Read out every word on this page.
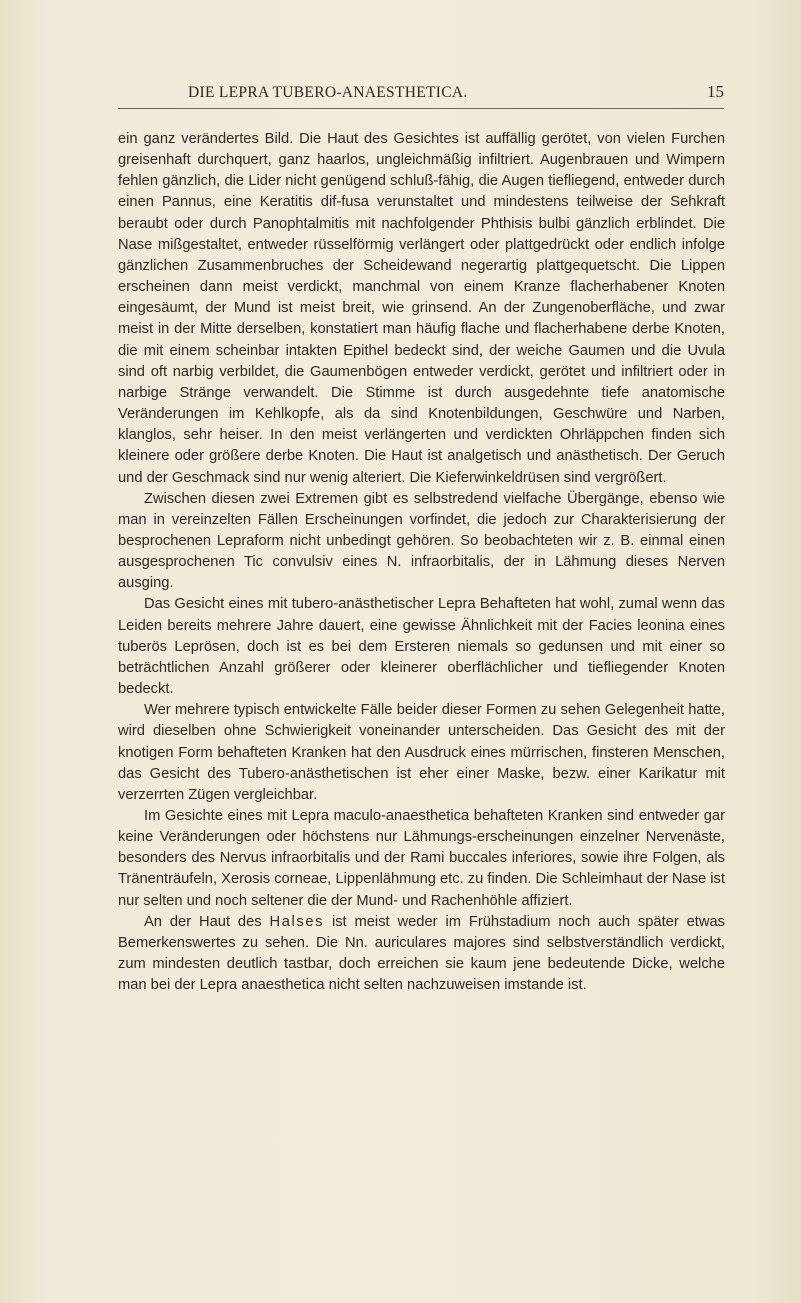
DIE LEPRA TUBERO-ANAESTHETICA.	15

ein ganz verändertes Bild. Die Haut des Gesichtes ist auffällig gerötet, von vielen Furchen greisenhaft durchquert, ganz haarlos, ungleichmäßig infiltriert. Augenbrauen und Wimpern fehlen gänzlich, die Lider nicht genügend schluß-fähig, die Augen tiefliegend, entweder durch einen Pannus, eine Keratitis dif-fusa verunstaltet und mindestens teilweise der Sehkraft beraubt oder durch Panophtalmitis mit nachfolgender Phthisis bulbi gänzlich erblindet. Die Nase mißgestaltet, entweder rüsselförmig verlängert oder plattgedrückt oder endlich infolge gänzlichen Zusammenbruches der Scheidewand negerartig plattgequetscht. Die Lippen erscheinen dann meist verdickt, manchmal von einem Kranze flacherhabener Knoten eingesäumt, der Mund ist meist breit, wie grinsend. An der Zungenoberfläche, und zwar meist in der Mitte derselben, konstatiert man häufig flache und flacherhabene derbe Knoten, die mit einem scheinbar intakten Epithel bedeckt sind, der weiche Gaumen und die Uvula sind oft narbig verbildet, die Gaumenbögen entweder verdickt, gerötet und infiltriert oder in narbige Stränge verwandelt. Die Stimme ist durch ausgedehnte tiefe anatomische Veränderungen im Kehlkopfe, als da sind Knotenbildungen, Geschwüre und Narben, klanglos, sehr heiser. In den meist verlängerten und verdickten Ohrläppchen finden sich kleinere oder größere derbe Knoten. Die Haut ist analgetisch und anästhetisch. Der Geruch und der Geschmack sind nur wenig alteriert. Die Kieferwinkeldrüsen sind vergrößert.

Zwischen diesen zwei Extremen gibt es selbstredend vielfache Übergänge, ebenso wie man in vereinzelten Fällen Erscheinungen vorfindet, die jedoch zur Charakterisierung der besprochenen Lepraform nicht unbedingt gehören. So beobachteten wir z. B. einmal einen ausgesprochenen Tic convulsiv eines N. infraorbitalis, der in Lähmung dieses Nerven ausging.

Das Gesicht eines mit tubero-anästhetischer Lepra Behafteten hat wohl, zumal wenn das Leiden bereits mehrere Jahre dauert, eine gewisse Ähnlichkeit mit der Facies leonina eines tuberös Leprösen, doch ist es bei dem Ersteren niemals so gedunsen und mit einer so beträchtlichen Anzahl größerer oder kleinerer oberflächlicher und tiefliegender Knoten bedeckt.

Wer mehrere typisch entwickelte Fälle beider dieser Formen zu sehen Gelegenheit hatte, wird dieselben ohne Schwierigkeit voneinander unterscheiden. Das Gesicht des mit der knotigen Form behafteten Kranken hat den Ausdruck eines mürrischen, finsteren Menschen, das Gesicht des Tubero-anästhetischen ist eher einer Maske, bezw. einer Karikatur mit verzerrten Zügen vergleichbar.

Im Gesichte eines mit Lepra maculo-anaesthetica behafteten Kranken sind entweder gar keine Veränderungen oder höchstens nur Lähmungs-erscheinungen einzelner Nervenäste, besonders des Nervus infraorbitalis und der Rami buccales inferiores, sowie ihre Folgen, als Tränenträufeln, Xerosis corneae, Lippenlähmung etc. zu finden. Die Schleimhaut der Nase ist nur selten und noch seltener die der Mund- und Rachenhöhle affiziert.

An der Haut des Halses ist meist weder im Frühstadium noch auch später etwas Bemerkenswertes zu sehen. Die Nn. auriculares majores sind selbstverständlich verdickt, zum mindesten deutlich tastbar, doch erreichen sie kaum jene bedeutende Dicke, welche man bei der Lepra anaesthetica nicht selten nachzuweisen imstande ist.
